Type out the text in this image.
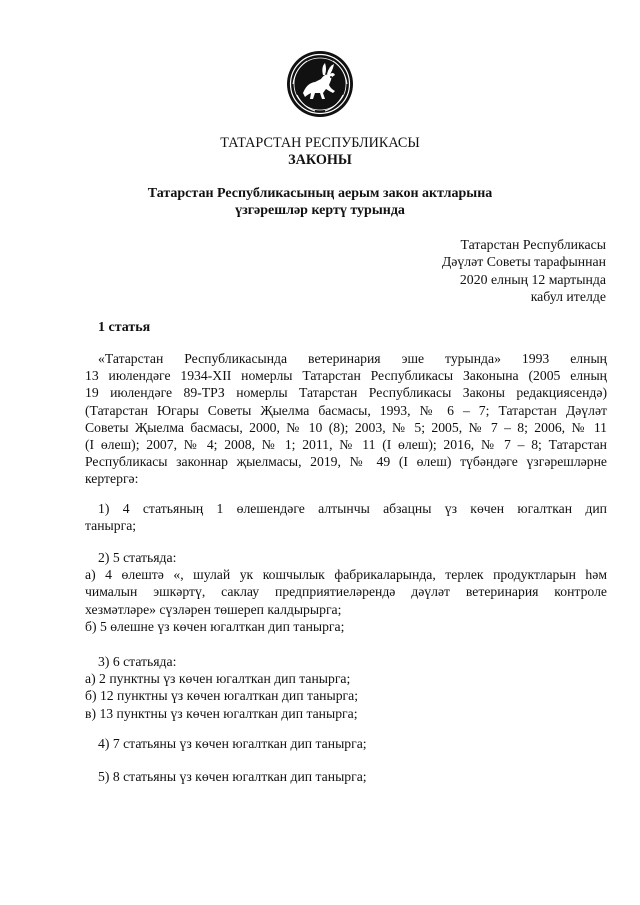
ТАТАРСТАН РЕСПУБЛИКАСЫ
ЗАКОНЫ
Татарстан Республикасының аерым закон актларына
үзгәрешләр кертү турында
Татарстан Республикасы
Дәүләт Советы тарафыннан
2020 елның 12 мартында
кабул ителде
1 статья
«Татарстан Республикасында ветеринария эше турында» 1993 елның
13 июлендәге 1934-XII номерлы Татарстан Республикасы Законына (2005 елның
19 июлендәге 89-ТРЗ номерлы Татарстан Республикасы Законы редакциясендә)
(Татарстан Югары Советы Җыелма басмасы, 1993, № 6 – 7; Татарстан Дәүләт
Советы Җыелма басмасы, 2000, № 10 (8); 2003, № 5; 2005, № 7 – 8; 2006, № 11
(I өлеш); 2007, № 4; 2008, № 1; 2011, № 11 (I өлеш); 2016, № 7 – 8; Татарстан
Республикасы законнар җыелмасы, 2019, № 49 (I өлеш) түбәндәге үзгәрешләрне
кертергә:
1) 4 статьяның 1 өлешендәге алтынчы абзацны үз көчен югалткан дип
танырга;
2) 5 статьяда:
а) 4 өлештә «, шулай ук кошчылык фабрикаларында, терлек продуктларын һәм
чималын эшкәртү, саклау предприятиеләрендә дәүләт ветеринария контроле
хезмәтләре» сүзләрен төшереп калдырырга;
б) 5 өлешне үз көчен югалткан дип танырга;
3) 6 статьяда:
а) 2 пунктны үз көчен югалткан дип танырга;
б) 12 пунктны үз көчен югалткан дип танырга;
в) 13 пунктны үз көчен югалткан дип танырга;
4) 7 статьяны үз көчен югалткан дип танырга;
5) 8 статьяны үз көчен югалткан дип танырга;
